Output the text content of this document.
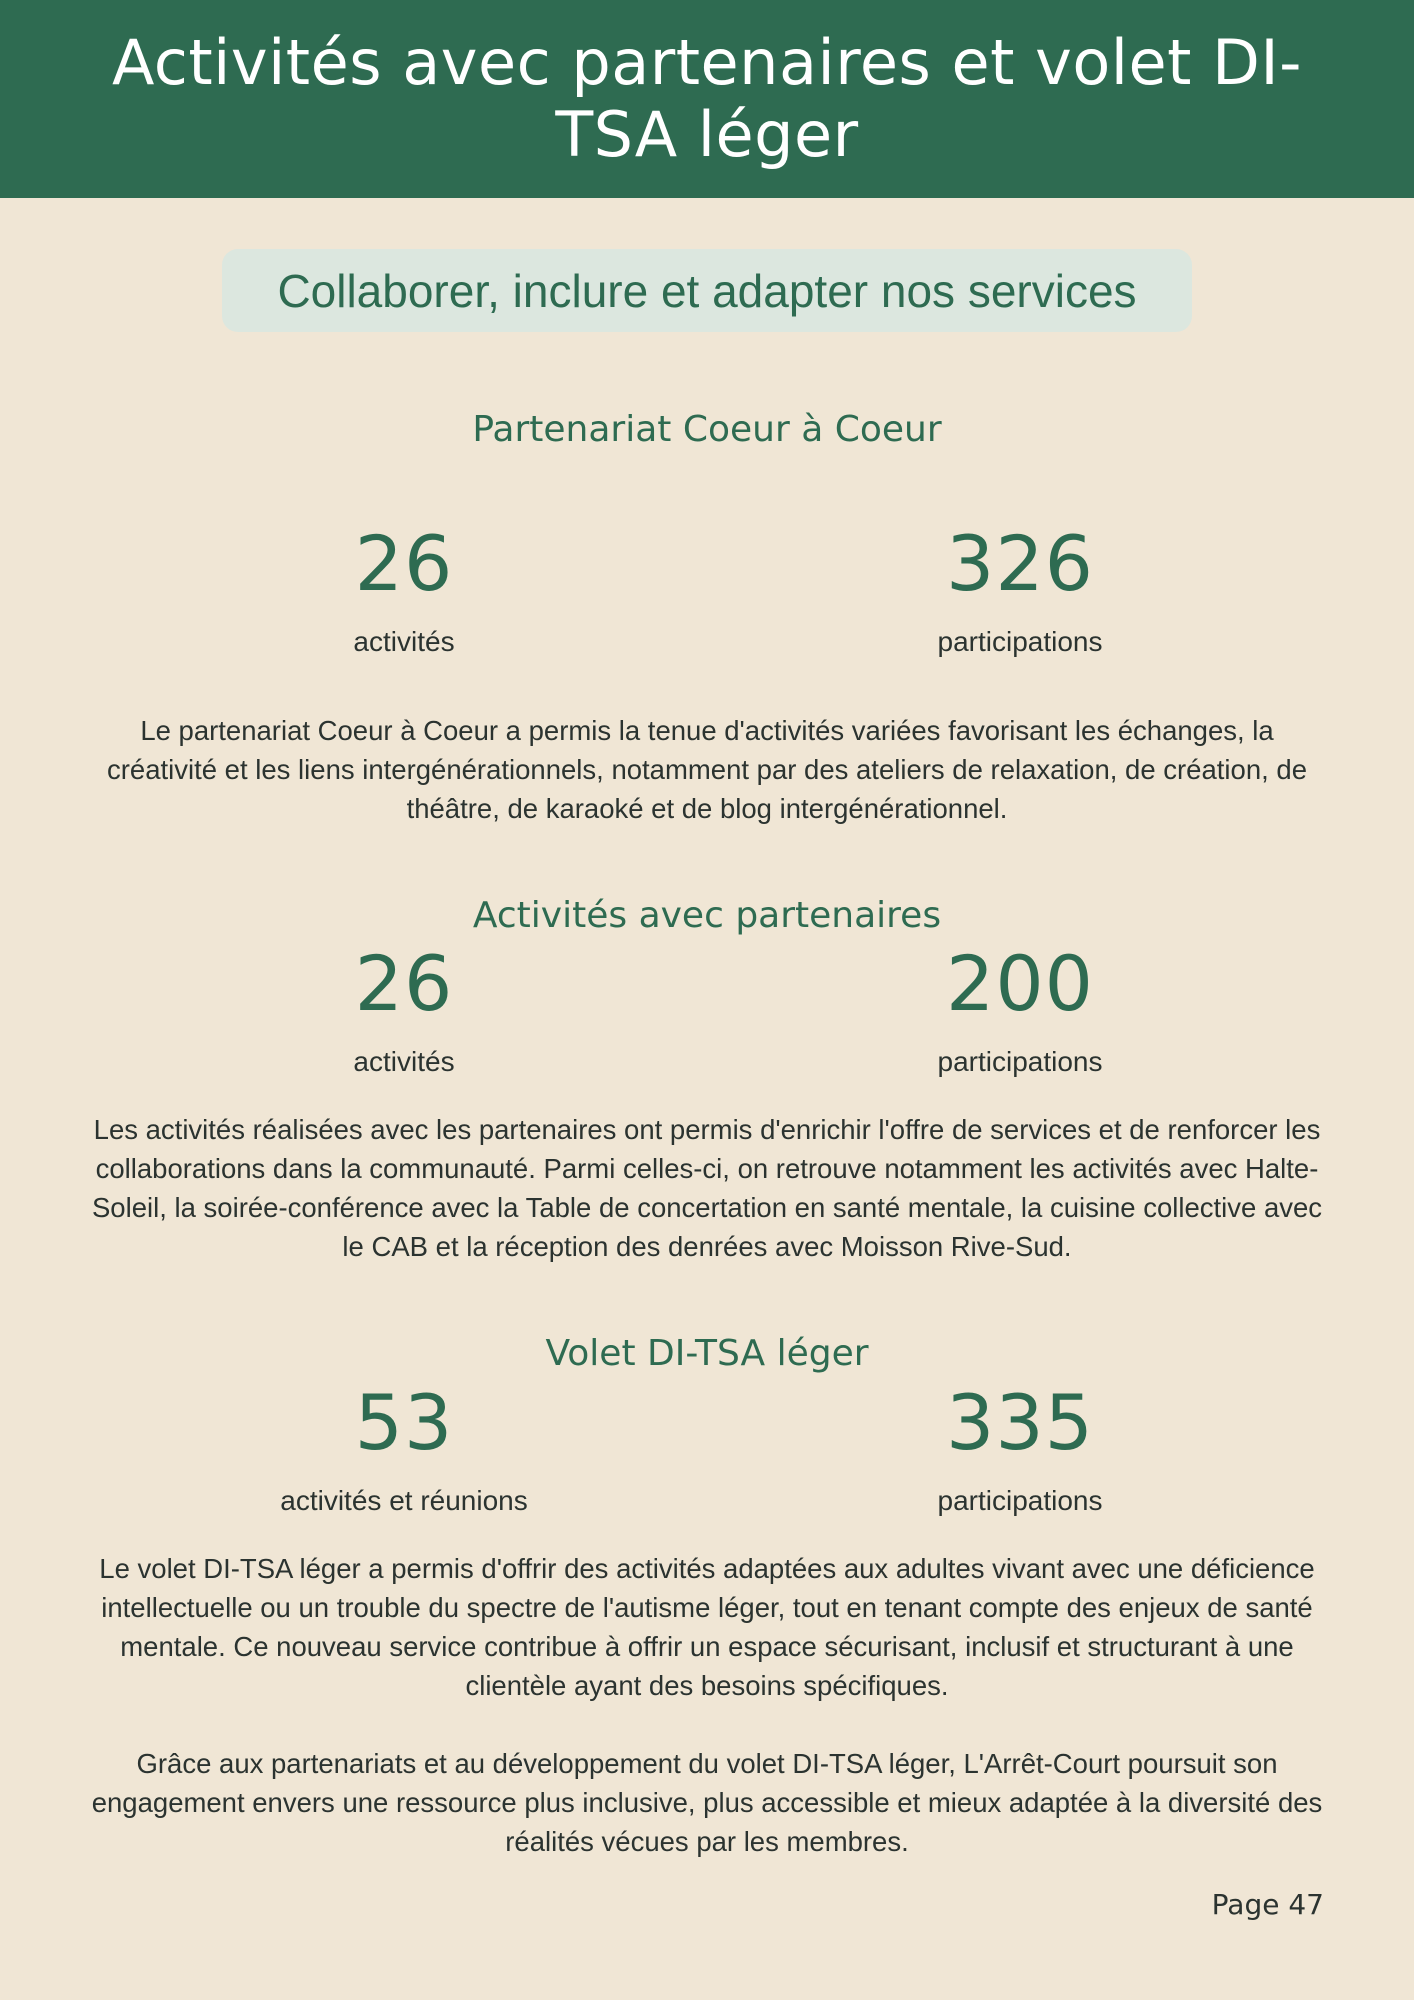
Activités avec partenaires et volet DI-TSA léger
Collaborer, inclure et adapter nos services
Partenariat Coeur à Coeur
26
activités
326
participations

Le partenariat Coeur à Coeur a permis la tenue d'activités variées favorisant les échanges, la créativité et les liens intergénérationnels, notamment par des ateliers de relaxation, de création, de théâtre, de karaoké et de blog intergénérationnel.

Activités avec partenaires
26
activités
200
participations

Les activités réalisées avec les partenaires ont permis d'enrichir l'offre de services et de renforcer les collaborations dans la communauté. Parmi celles-ci, on retrouve notamment les activités avec Halte-Soleil, la soirée-conférence avec la Table de concertation en santé mentale, la cuisine collective avec le CAB et la réception des denrées avec Moisson Rive-Sud.

Volet DI-TSA léger
53
activités et réunions
335
participations

Le volet DI-TSA léger a permis d'offrir des activités adaptées aux adultes vivant avec une déficience intellectuelle ou un trouble du spectre de l'autisme léger, tout en tenant compte des enjeux de santé mentale. Ce nouveau service contribue à offrir un espace sécurisant, inclusif et structurant à une clientèle ayant des besoins spécifiques.

Grâce aux partenariats et au développement du volet DI-TSA léger, L'Arrêt-Court poursuit son engagement envers une ressource plus inclusive, plus accessible et mieux adaptée à la diversité des réalités vécues par les membres.

Page 47
